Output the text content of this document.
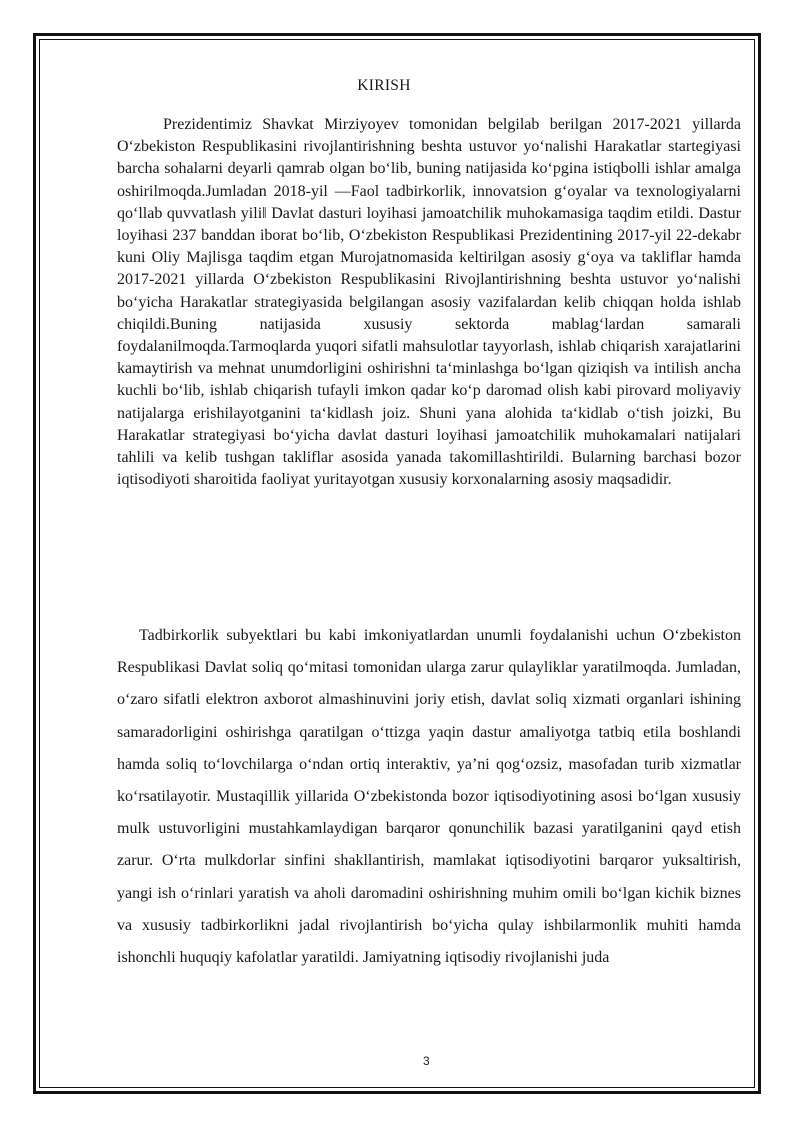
KIRISH

Prezidentimiz Shavkat Mirziyoyev tomonidan belgilab berilgan 2017-2021 yillarda O‘zbekiston Respublikasini rivojlantirishning beshta ustuvor yo‘nalishi Harakatlar startegiyasi barcha sohalarni deyarli qamrab olgan bo‘lib, buning natijasida ko‘pgina istiqbolli ishlar amalga oshirilmoqda.Jumladan 2018-yil ―Faol tadbirkorlik, innovatsion g‘oyalar va texnologiyalarni qo‘llab quvvatlash yili‖ Davlat dasturi loyihasi jamoatchilik muhokamasiga taqdim etildi. Dastur loyihasi 237 banddan iborat bo‘lib, O‘zbekiston Respublikasi Prezidentining 2017-yil 22-dekabr kuni Oliy Majlisga taqdim etgan Murojatnomasida keltirilgan asosiy g‘oya va takliflar hamda 2017-2021 yillarda O‘zbekiston Respublikasini Rivojlantirishning beshta ustuvor yo‘nalishi bo‘yicha Harakatlar strategiyasida belgilangan asosiy vazifalardan kelib chiqqan holda ishlab chiqildi.Buning natijasida xususiy sektorda mablag‘lardan samarali foydalanilmoqda.Tarmoqlarda yuqori sifatli mahsulotlar tayyorlash, ishlab chiqarish xarajatlarini kamaytirish va mehnat unumdorligini oshirishni ta‘minlashga bo‘lgan qiziqish va intilish ancha kuchli bo‘lib, ishlab chiqarish tufayli imkon qadar ko‘p daromad olish kabi pirovard moliyaviy natijalarga erishilayotganini ta‘kidlash joiz. Shuni yana alohida ta‘kidlab o‘tish joizki, Bu Harakatlar strategiyasi bo‘yicha davlat dasturi loyihasi jamoatchilik muhokamalari natijalari tahlili va kelib tushgan takliflar asosida yanada takomillashtirildi. Bularning barchasi bozor iqtisodiyoti sharoitida faoliyat yuritayotgan xususiy korxonalarning asosiy maqsadidir.

Tadbirkorlik subyektlari bu kabi imkoniyatlardan unumli foydalanishi uchun O‘zbekiston Respublikasi Davlat soliq qo‘mitasi tomonidan ularga zarur qulayliklar yaratilmoqda. Jumladan, o‘zaro sifatli elektron axborot almashinuvini joriy etish, davlat soliq xizmati organlari ishining samaradorligini oshirishga qaratilgan o‘ttizga yaqin dastur amaliyotga tatbiq etila boshlandi hamda soliq to‘lovchilarga o‘ndan ortiq interaktiv, ya’ni qog‘ozsiz, masofadan turib xizmatlar ko‘rsatilayotir. Mustaqillik yillarida O‘zbekistonda bozor iqtisodiyotining asosi bo‘lgan xususiy mulk ustuvorligini mustahkamlaydigan barqaror qonunchilik bazasi yaratilganini qayd etish zarur. O‘rta mulkdorlar sinfini shakllantirish, mamlakat iqtisodiyotini barqaror yuksaltirish, yangi ish o‘rinlari yaratish va aholi daromadini oshirishning muhim omili bo‘lgan kichik biznes va xususiy tadbirkorlikni jadal rivojlantirish bo‘yicha qulay ishbilarmonlik muhiti hamda ishonchli huquqiy kafolatlar yaratildi. Jamiyatning iqtisodiy rivojlanishi juda

3
